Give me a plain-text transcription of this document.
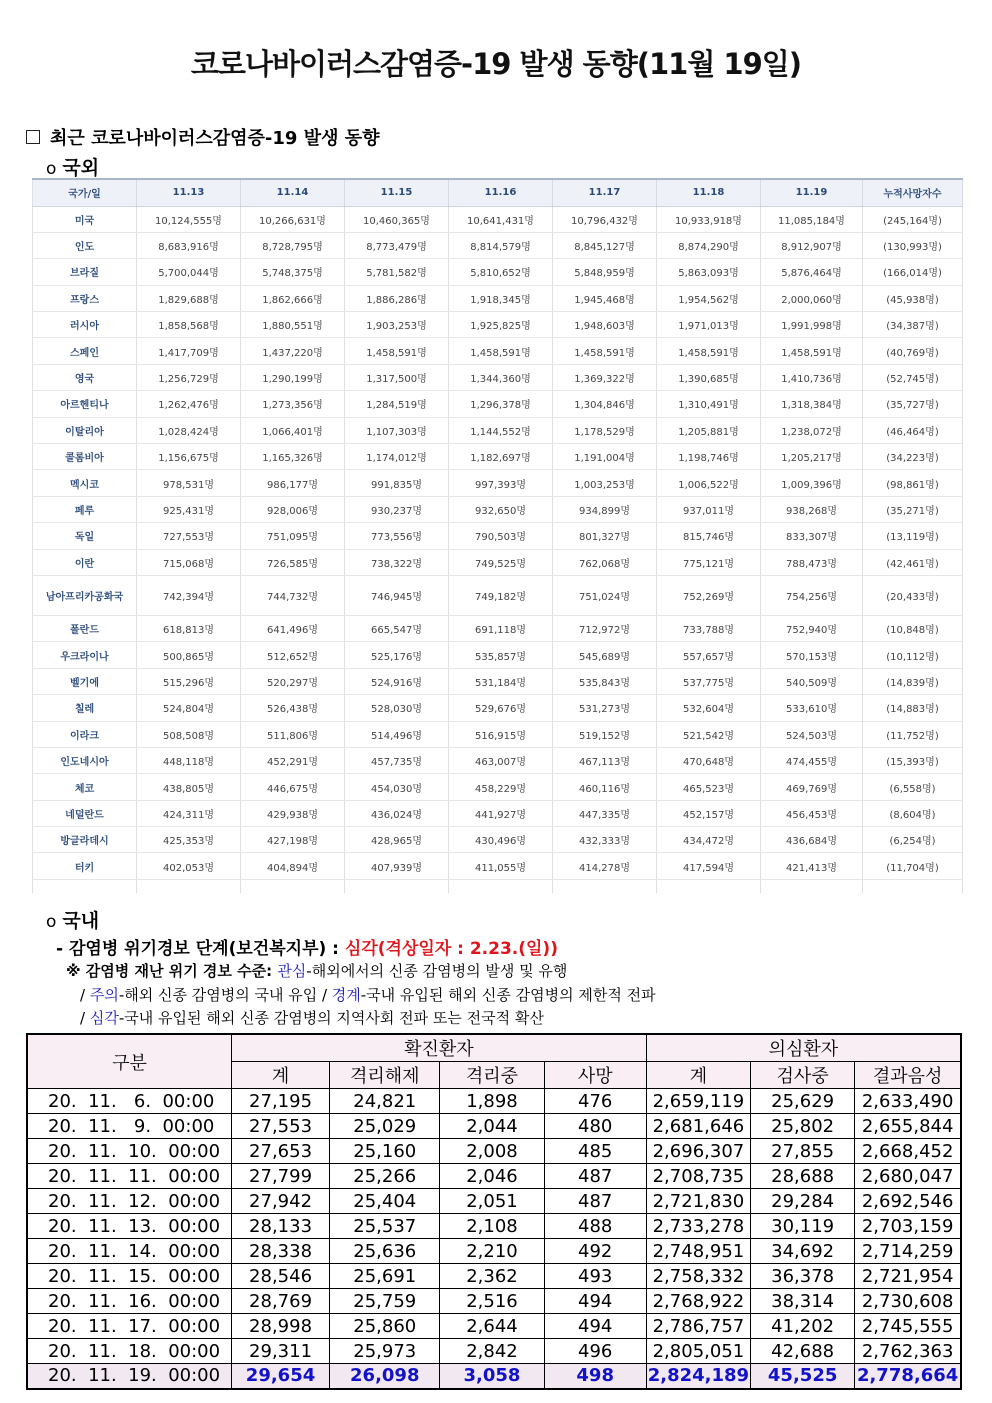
코로나바이러스감염증-19 발생 동향(11월 19일)
최근 코로나바이러스감염증-19 발생 동향
o 국외
국가/일	11.13	11.14	11.15	11.16	11.17	11.18	11.19	누적사망자수
미국	10,124,555명	10,266,631명	10,460,365명	10,641,431명	10,796,432명	10,933,918명	11,085,184명	(245,164명)
인도	8,683,916명	8,728,795명	8,773,479명	8,814,579명	8,845,127명	8,874,290명	8,912,907명	(130,993명)
브라질	5,700,044명	5,748,375명	5,781,582명	5,810,652명	5,848,959명	5,863,093명	5,876,464명	(166,014명)
프랑스	1,829,688명	1,862,666명	1,886,286명	1,918,345명	1,945,468명	1,954,562명	2,000,060명	(45,938명)
러시아	1,858,568명	1,880,551명	1,903,253명	1,925,825명	1,948,603명	1,971,013명	1,991,998명	(34,387명)
스페인	1,417,709명	1,437,220명	1,458,591명	1,458,591명	1,458,591명	1,458,591명	1,458,591명	(40,769명)
영국	1,256,729명	1,290,199명	1,317,500명	1,344,360명	1,369,322명	1,390,685명	1,410,736명	(52,745명)
아르헨티나	1,262,476명	1,273,356명	1,284,519명	1,296,378명	1,304,846명	1,310,491명	1,318,384명	(35,727명)
이탈리아	1,028,424명	1,066,401명	1,107,303명	1,144,552명	1,178,529명	1,205,881명	1,238,072명	(46,464명)
콜롬비아	1,156,675명	1,165,326명	1,174,012명	1,182,697명	1,191,004명	1,198,746명	1,205,217명	(34,223명)
멕시코	978,531명	986,177명	991,835명	997,393명	1,003,253명	1,006,522명	1,009,396명	(98,861명)
페루	925,431명	928,006명	930,237명	932,650명	934,899명	937,011명	938,268명	(35,271명)
독일	727,553명	751,095명	773,556명	790,503명	801,327명	815,746명	833,307명	(13,119명)
이란	715,068명	726,585명	738,322명	749,525명	762,068명	775,121명	788,473명	(42,461명)
남아프리카공화국	742,394명	744,732명	746,945명	749,182명	751,024명	752,269명	754,256명	(20,433명)
폴란드	618,813명	641,496명	665,547명	691,118명	712,972명	733,788명	752,940명	(10,848명)
우크라이나	500,865명	512,652명	525,176명	535,857명	545,689명	557,657명	570,153명	(10,112명)
벨기에	515,296명	520,297명	524,916명	531,184명	535,843명	537,775명	540,509명	(14,839명)
칠레	524,804명	526,438명	528,030명	529,676명	531,273명	532,604명	533,610명	(14,883명)
이라크	508,508명	511,806명	514,496명	516,915명	519,152명	521,542명	524,503명	(11,752명)
인도네시아	448,118명	452,291명	457,735명	463,007명	467,113명	470,648명	474,455명	(15,393명)
체코	438,805명	446,675명	454,030명	458,229명	460,116명	465,523명	469,769명	(6,558명)
네덜란드	424,311명	429,938명	436,024명	441,927명	447,335명	452,157명	456,453명	(8,604명)
방글라데시	425,353명	427,198명	428,965명	430,496명	432,333명	434,472명	436,684명	(6,254명)
터키	402,053명	404,894명	407,939명	411,055명	414,278명	417,594명	421,413명	(11,704명)

o 국내
- 감염병 위기경보 단계(보건복지부) : 심각(격상일자 : 2.23.(일))
※ 감염병 재난 위기 경보 수준: 관심-해외에서의 신종 감염병의 발생 및 유행
/ 주의-해외 신종 감염병의 국내 유입 / 경계-국내 유입된 해외 신종 감염병의 제한적 전파
/ 심각-국내 유입된 해외 신종 감염병의 지역사회 전파 또는 전국적 확산
구분	확진환자				의심환자		
	계	격리해제	격리중	사망	계	검사중	결과음성
20.  11.   6.  00:00	27,195	24,821	1,898	476	2,659,119	25,629	2,633,490
20.  11.   9.  00:00	27,553	25,029	2,044	480	2,681,646	25,802	2,655,844
20.  11.  10.  00:00	27,653	25,160	2,008	485	2,696,307	27,855	2,668,452
20.  11.  11.  00:00	27,799	25,266	2,046	487	2,708,735	28,688	2,680,047
20.  11.  12.  00:00	27,942	25,404	2,051	487	2,721,830	29,284	2,692,546
20.  11.  13.  00:00	28,133	25,537	2,108	488	2,733,278	30,119	2,703,159
20.  11.  14.  00:00	28,338	25,636	2,210	492	2,748,951	34,692	2,714,259
20.  11.  15.  00:00	28,546	25,691	2,362	493	2,758,332	36,378	2,721,954
20.  11.  16.  00:00	28,769	25,759	2,516	494	2,768,922	38,314	2,730,608
20.  11.  17.  00:00	28,998	25,860	2,644	494	2,786,757	41,202	2,745,555
20.  11.  18.  00:00	29,311	25,973	2,842	496	2,805,051	42,688	2,762,363
20.  11.  19.  00:00	29,654	26,098	3,058	498	2,824,189	45,525	2,778,664
